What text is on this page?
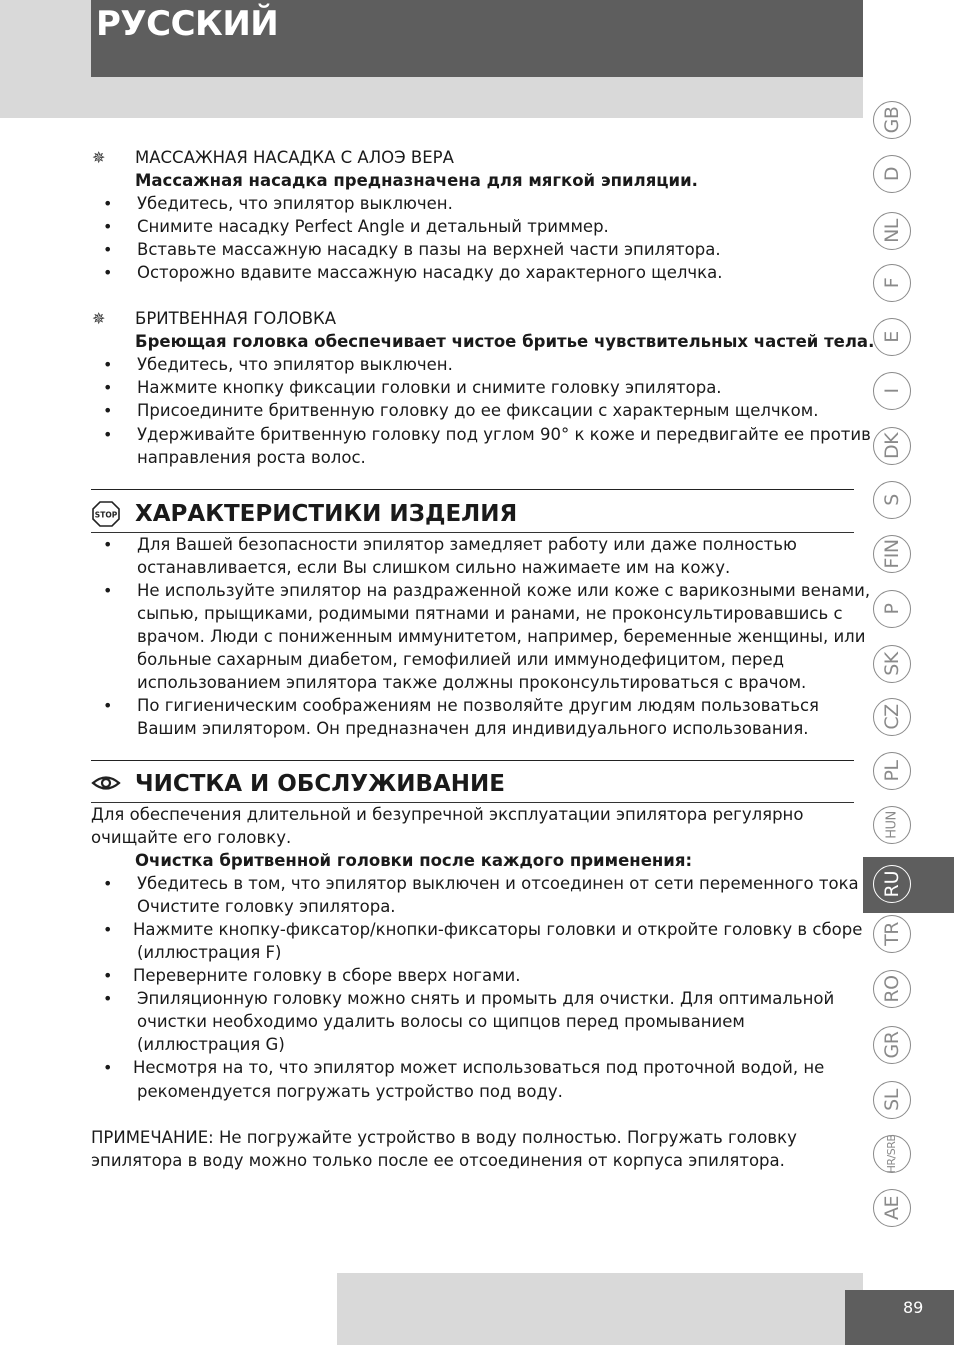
РУССКИЙ
✵ МАССАЖНАЯ НАСАДКА С АЛОЭ ВЕРА
Массажная насадка предназначена для мягкой эпиляции.
• Убедитесь, что эпилятор выключен.
• Снимите насадку Perfect Angle и детальный триммер.
• Вставьте массажную насадку в пазы на верхней части эпилятора.
• Осторожно вдавите массажную насадку до характерного щелчка.
✵ БРИТВЕННАЯ ГОЛОВКА
Бреющая головка обеспечивает чистое бритье чувствительных частей тела.
• Убедитесь, что эпилятор выключен.
• Нажмите кнопку фиксации головки и снимите головку эпилятора.
• Присоедините бритвенную головку до ее фиксации с характерным щелчком.
• Удерживайте бритвенную головку под углом 90° к коже и передвигайте ее против
направления роста волос.
STOP ХАРАКТЕРИСТИКИ ИЗДЕЛИЯ
• Для Вашей безопасности эпилятор замедляет работу или даже полностью
останавливается, если Вы слишком сильно нажимаете им на кожу.
• Не используйте эпилятор на раздраженной коже или коже с варикозными венами,
сыпью, прыщиками, родимыми пятнами и ранами, не проконсультировавшись с
врачом. Люди с пониженным иммунитетом, например, беременные женщины, или
больные сахарным диабетом, гемофилией или иммунодефицитом, перед
использованием эпилятора также должны проконсультироваться с врачом.
• По гигиеническим соображениям не позволяйте другим людям пользоваться
Вашим эпилятором. Он предназначен для индивидуального использования.
ЧИСТКА И ОБСЛУЖИВАНИЕ
Для обеспечения длительной и безупречной эксплуатации эпилятора регулярно
очищайте его головку.
Очистка бритвенной головки после каждого применения:
• Убедитесь в том, что эпилятор выключен и отсоединен от сети переменного тока
Очистите головку эпилятора.
• Нажмите кнопку-фиксатор/кнопки-фиксаторы головки и откройте головку в сборе
(иллюстрация F)
• Переверните головку в сборе вверх ногами.
• Эпиляционную головку можно снять и промыть для очистки. Для оптимальной
очистки необходимо удалить волосы со щипцов перед промыванием
(иллюстрация G)
• Несмотря на то, что эпилятор может использоваться под проточной водой, не
рекомендуется погружать устройство под воду.
ПРИМЕЧАНИЕ: Не погружайте устройство в воду полностью. Погружать головку
эпилятора в воду можно только после ее отсоединения от корпуса эпилятора.
GB
D
NL
F
E
I
DK
S
FIN
P
SK
CZ
PL
HUN
RU
TR
RO
GR
SL
HR/SRB
AE
89
